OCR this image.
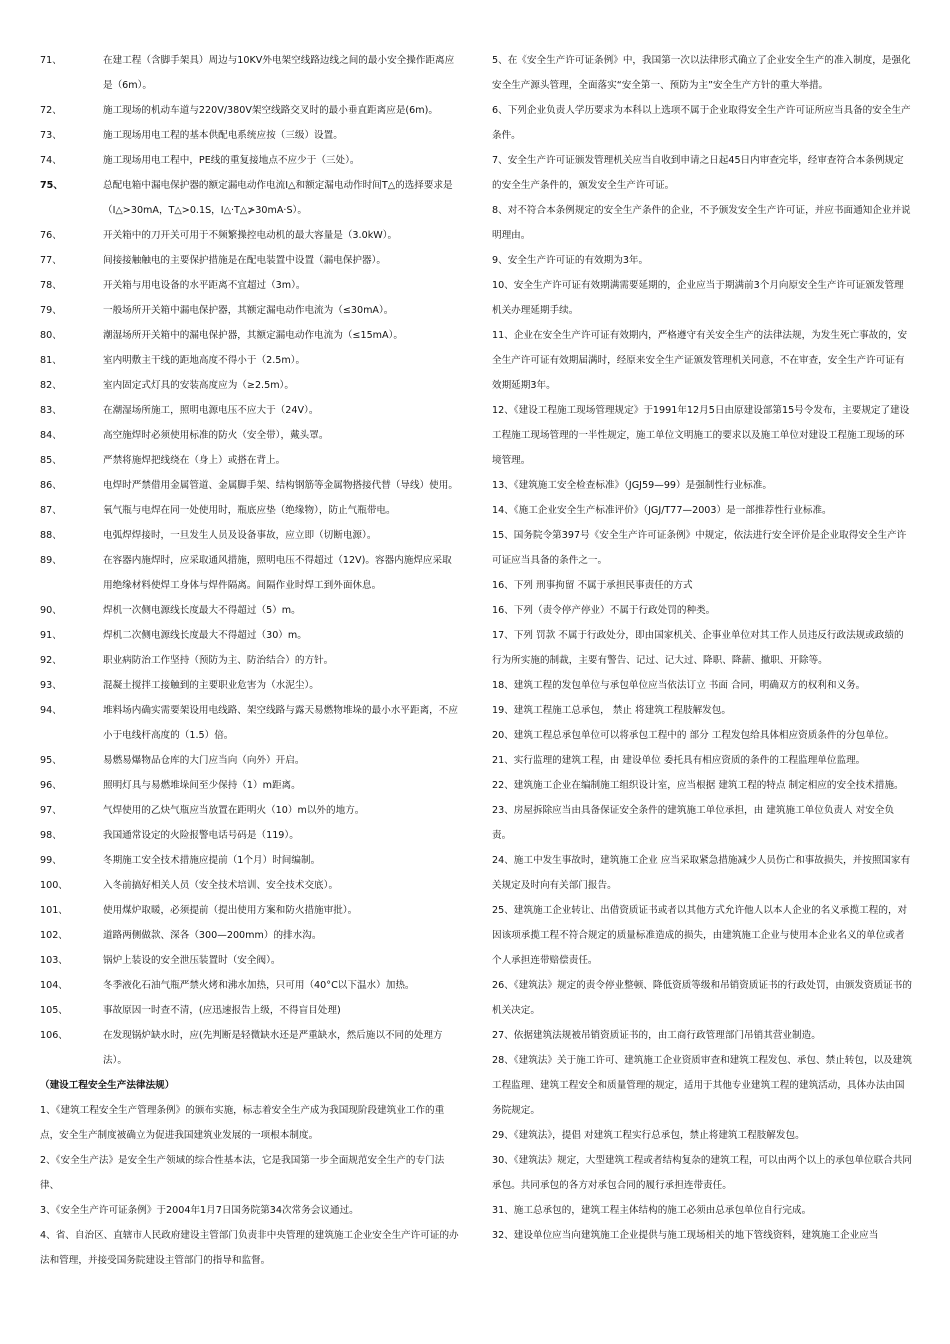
71、	在建工程（含脚手架具）周边与10KV外电架空线路边线之间的最小安全操作距离应是（6m）。
72、	施工现场的机动车道与220V/380V架空线路交叉时的最小垂直距离应是(6m)。
73、	施工现场用电工程的基本供配电系统应按（三级）设置。
74、	施工现场用电工程中，PE线的重复接地点不应少于（三处）。
75、	总配电箱中漏电保护器的额定漏电动作电流I△和额定漏电动作时间T△的选择要求是（I△>30mA，T△>0.1S，I△·T△≯30mA·S）。
76、	开关箱中的刀开关可用于不频繁操控电动机的最大容量是（3.0kW）。
77、	间接接触触电的主要保护措施是在配电装置中设置（漏电保护器）。
78、	开关箱与用电设备的水平距离不宜超过（3m）。
79、	一般场所开关箱中漏电保护器，其额定漏电动作电流为（≤30mA）。
80、	潮湿场所开关箱中的漏电保护器，其额定漏电动作电流为（≤15mA）。
81、	室内明敷主干线的距地高度不得小于（2.5m）。
82、	室内固定式灯具的安装高度应为（≥2.5m）。
83、	在潮湿场所施工，照明电源电压不应大于（24V）。
84、	高空施焊时必须使用标准的防火（安全带），戴头罩。
85、	严禁将施焊把线绕在（身上）或搭在背上。
86、	电焊时严禁借用金属管道、金属脚手架、结构钢筋等金属物搭接代替（导线）使用。
87、	氧气瓶与电焊在同一处使用时，瓶底应垫（绝缘物），防止气瓶带电。
88、	电弧焊焊接时，一旦发生人员及设备事故，应立即（切断电源）。
89、	在容器内施焊时，应采取通风措施，照明电压不得超过（12V)。容器内施焊应采取用绝缘材料使焊工身体与焊件隔离。间隔作业时焊工到外面休息。
90、	焊机一次侧电源线长度最大不得超过（5）m。
91、	焊机二次侧电源线长度最大不得超过（30）m。
92、	职业病防治工作坚持（预防为主、防治结合）的方针。
93、	混凝土搅拌工接触到的主要职业危害为（水泥尘）。
94、	堆料场内确实需要架设用电线路、架空线路与露天易燃物堆垛的最小水平距离，不应小于电线杆高度的（1.5）倍。
95、	易燃易爆物品仓库的大门应当向（向外）开启。
96、	照明灯具与易燃堆垛间至少保持（1）m距离。
97、	气焊使用的乙炔气瓶应当放置在距明火（10）m以外的地方。
98、	我国通常设定的火险报警电话号码是（119）。
99、	冬期施工安全技术措施应提前（1个月）时间编制。
100、	入冬前搞好相关人员（安全技术培训、安全技术交底）。
101、	使用煤炉取暖，必须提前（提出使用方案和防火措施审批）。
102、	道路两侧做款、深各（300—200mm）的排水沟。
103、	锅炉上装设的安全泄压装置时（安全阀）。
104、	冬季液化石油气瓶严禁火烤和沸水加热，只可用（40°C以下温水）加热。
105、	事故原因一时查不清，(应迅速报告上级，不得盲目处理)
106、	在发现锅炉缺水时，应(先判断是轻微缺水还是严重缺水，然后施以不同的处理方法）。
（建设工程安全生产法律法规）
1、《建筑工程安全生产管理条例》的颁布实施，标志着安全生产成为我国现阶段建筑业工作的重点，安全生产制度被确立为促进我国建筑业发展的一项根本制度。
2、《安全生产法》是安全生产领域的综合性基本法，它是我国第一步全面规范安全生产的专门法律、
3、《安全生产许可证条例》于2004年1月7日国务院第34次常务会议通过。
4、省、自治区、直辖市人民政府建设主管部门负责非中央管理的建筑施工企业安全生产许可证的办法和管理，并接受国务院建设主管部门的指导和监督。
5、在《安全生产许可证条例》中，我国第一次以法律形式确立了企业安全生产的准入制度，是强化安全生产源头管理，全面落实“安全第一、预防为主”安全生产方针的重大举措。
6、下列企业负责人学历要求为本科以上选项不属于企业取得安全生产许可证所应当具备的安全生产条件。
7、安全生产许可证颁发管理机关应当自收到申请之日起45日内审查完毕，经审查符合本条例规定的安全生产条件的，颁发安全生产许可证。
8、对不符合本条例规定的安全生产条件的企业，不予颁发安全生产许可证，并应书面通知企业并说明理由。
9、安全生产许可证的有效期为3年。
10、安全生产许可证有效期满需要延期的，企业应当于期满前3个月向原安全生产许可证颁发管理机关办理延期手续。
11、企业在安全生产许可证有效期内，严格遵守有关安全生产的法律法规，为发生死亡事故的，安全生产许可证有效期届满时，经原来安全生产证颁发管理机关同意，不在审查，安全生产许可证有效期延期3年。
12、《建设工程施工现场管理规定》于1991年12月5日由原建设部第15号令发布，主要规定了建设工程施工现场管理的一半性规定，施工单位文明施工的要求以及施工单位对建设工程施工现场的环境管理。
13、《建筑施工安全检查标准》（JGJ59—99）是强制性行业标准。
14、《施工企业安全生产标准评价》（JGJ/T77—2003）是一部推荐性行业标准。
15、国务院令第397号《安全生产许可证条例》中规定，依法进行安全评价是企业取得安全生产许可证应当具备的条件之一。
16、下列 刑事拘留 不属于承担民事责任的方式
16、下列（责令停产停业）不属于行政处罚的种类。
17、下列 罚款 不属于行政处分，即由国家机关、企事业单位对其工作人员违反行政法规或政绩的行为所实施的制裁，主要有警告、记过、记大过、降职、降薪、撤职、开除等。
18、建筑工程的发包单位与承包单位应当依法订立 书面 合同，明确双方的权利和义务。
19、建筑工程施工总承包， 禁止 将建筑工程肢解发包。
20、建筑工程总承包单位可以将承包工程中的 部分 工程发包给具体相应资质条件的分包单位。
21、实行监理的建筑工程，由 建设单位 委托具有相应资质的条件的工程监理单位监理。
22、建筑施工企业在编制施工组织设计室，应当根据 建筑工程的特点 制定相应的安全技术措施。
23、房屋拆除应当由具备保证安全条件的建筑施工单位承担，由 建筑施工单位负责人 对安全负责。
24、施工中发生事故时，建筑施工企业 应当采取紧急措施减少人员伤亡和事故损失，并按照国家有关规定及时向有关部门报告。
25、建筑施工企业转让、出借资质证书或者以其他方式允许他人以本人企业的名义承揽工程的，对因该项承揽工程不符合规定的质量标准造成的损失，由建筑施工企业与使用本企业名义的单位或者个人承担连带赔偿责任。
26、《建筑法》规定的责令停业整顿、降低资质等级和吊销资质证书的行政处罚，由颁发资质证书的机关决定。
27、依据建筑法规被吊销资质证书的，由工商行政管理部门吊销其营业制造。
28、《建筑法》关于施工许可、建筑施工企业资质审查和建筑工程发包、承包、禁止转包，以及建筑工程监理、建筑工程安全和质量管理的规定，适用于其他专业建筑工程的建筑活动，具体办法由国务院规定。
29、《建筑法》，提倡 对建筑工程实行总承包，禁止将建筑工程肢解发包。
30、《建筑法》规定，大型建筑工程或者结构复杂的建筑工程，可以由两个以上的承包单位联合共同承包。共同承包的各方对承包合同的履行承担连带责任。
31、施工总承包的，建筑工程主体结构的施工必须由总承包单位自行完成。
32、建设单位应当向建筑施工企业提供与施工现场相关的地下管线资料，建筑施工企业应当
